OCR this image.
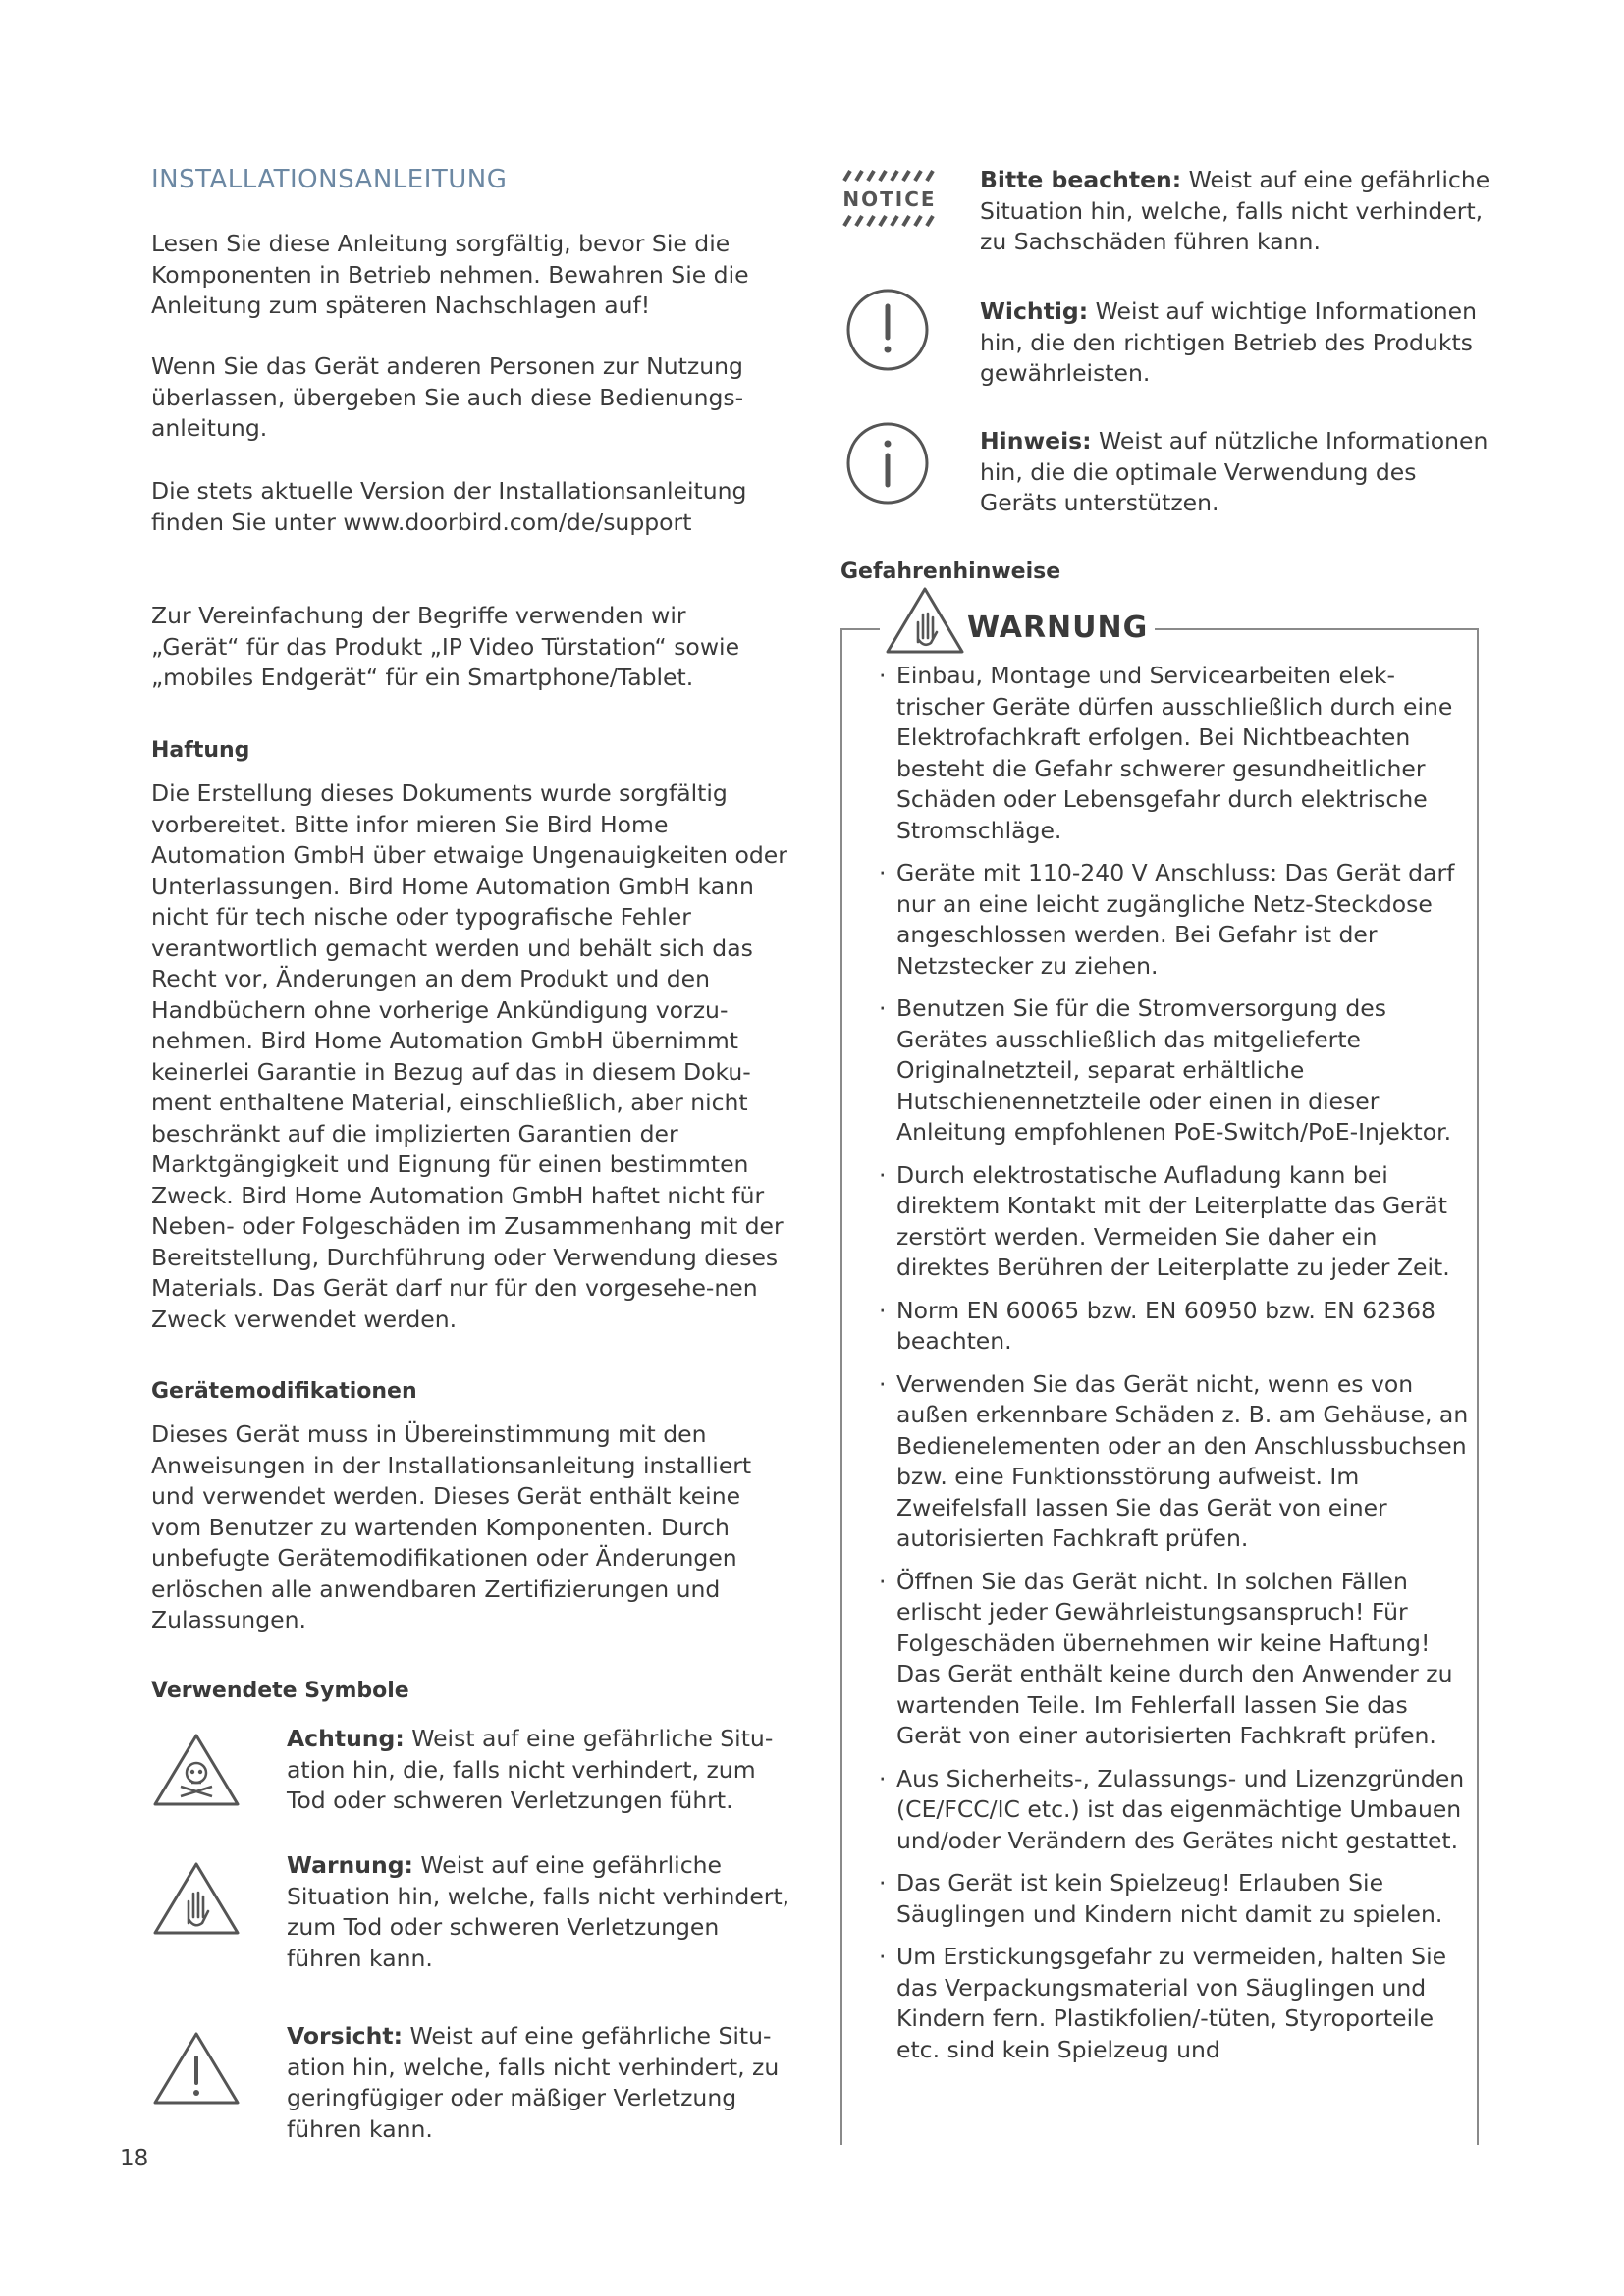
INSTALLATIONSANLEITUNG

Lesen Sie diese Anleitung sorgfältig, bevor Sie die Komponenten in Betrieb nehmen. Bewahren Sie die Anleitung zum späteren Nachschlagen auf!

Wenn Sie das Gerät anderen Personen zur Nutzung überlassen, übergeben Sie auch diese Bedienungs-anleitung.

Die stets aktuelle Version der Installationsanleitung finden Sie unter www.doorbird.com/de/support

Zur Vereinfachung der Begriffe verwenden wir „Gerät“ für das Produkt „IP Video Türstation“ sowie „mobiles Endgerät“ für ein Smartphone/Tablet.

Haftung

Die Erstellung dieses Dokuments wurde sorgfältig vorbereitet. Bitte infor mieren Sie Bird Home Automation GmbH über etwaige Ungenauigkeiten oder Unterlassungen. Bird Home Automation GmbH kann nicht für tech nische oder typografische Fehler verantwortlich gemacht werden und behält sich das Recht vor, Änderungen an dem Produkt und den Handbüchern ohne vorherige Ankündigung vorzu-nehmen. Bird Home Automation GmbH übernimmt keinerlei Garantie in Bezug auf das in diesem Doku-ment enthaltene Material, einschließlich, aber nicht beschränkt auf die implizierten Garantien der Marktgängigkeit und Eignung für einen bestimmten Zweck. Bird Home Automation GmbH haftet nicht für Neben- oder Folgeschäden im Zusammenhang mit der Bereitstellung, Durchführung oder Verwendung dieses Materials. Das Gerät darf nur für den vorgesehe-nen Zweck verwendet werden.

Gerätemodifikationen

Dieses Gerät muss in Übereinstimmung mit den Anweisungen in der Installationsanleitung installiert und verwendet werden. Dieses Gerät enthält keine vom Benutzer zu wartenden Komponenten. Durch unbefugte Gerätemodifikationen oder Änderungen erlöschen alle anwendbaren Zertifizierungen und Zulassungen.

Verwendete Symbole

Achtung: Weist auf eine gefährliche Situ-ation hin, die, falls nicht verhindert, zum Tod oder schweren Verletzungen führt.

Warnung: Weist auf eine gefährliche Situation hin, welche, falls nicht verhindert, zum Tod oder schweren Verletzungen führen kann.

Vorsicht: Weist auf eine gefährliche Situ-ation hin, welche, falls nicht verhindert, zu geringfügiger oder mäßiger Verletzung führen kann.

18
NOTICE

Bitte beachten: Weist auf eine gefährliche Situation hin, welche, falls nicht verhindert, zu Sachschäden führen kann.

Wichtig: Weist auf wichtige Informationen hin, die den richtigen Betrieb des Produkts gewährleisten.

Hinweis: Weist auf nützliche Informationen hin, die die optimale Verwendung des Geräts unterstützen.

Gefahrenhinweise
WARNUNG
· Einbau, Montage und Servicearbeiten elek-trischer Geräte dürfen ausschließlich durch eine Elektrofachkraft erfolgen. Bei Nichtbeachten besteht die Gefahr schwerer gesundheitlicher Schäden oder Lebensgefahr durch elektrische Stromschläge.
· Geräte mit 110-240 V Anschluss: Das Gerät darf nur an eine leicht zugängliche Netz-Steckdose angeschlossen werden. Bei Gefahr ist der Netzstecker zu ziehen.
· Benutzen Sie für die Stromversorgung des Gerätes ausschließlich das mitgelieferte Originalnetzteil, separat erhältliche Hutschienennetzteile oder einen in dieser Anleitung empfohlenen PoE-Switch/PoE-Injektor.
· Durch elektrostatische Aufladung kann bei direktem Kontakt mit der Leiterplatte das Gerät zerstört werden. Vermeiden Sie daher ein direktes Berühren der Leiterplatte zu jeder Zeit.
· Norm EN 60065 bzw. EN 60950 bzw. EN 62368 beachten.
· Verwenden Sie das Gerät nicht, wenn es von außen erkennbare Schäden z. B. am Gehäuse, an Bedienelementen oder an den Anschlussbuchsen bzw. eine Funktionsstörung aufweist. Im Zweifelsfall lassen Sie das Gerät von einer autorisierten Fachkraft prüfen.
· Öffnen Sie das Gerät nicht. In solchen Fällen erlischt jeder Gewährleistungsanspruch! Für Folgeschäden übernehmen wir keine Haftung! Das Gerät enthält keine durch den Anwender zu wartenden Teile. Im Fehlerfall lassen Sie das Gerät von einer autorisierten Fachkraft prüfen.
· Aus Sicherheits-, Zulassungs- und Lizenzgründen (CE/FCC/IC etc.) ist das eigenmächtige Umbauen und/oder Verändern des Gerätes nicht gestattet.
· Das Gerät ist kein Spielzeug! Erlauben Sie Säuglingen und Kindern nicht damit zu spielen.
· Um Erstickungsgefahr zu vermeiden, halten Sie das Verpackungsmaterial von Säuglingen und Kindern fern. Plastikfolien/-tüten, Styroporteile etc. sind kein Spielzeug und
